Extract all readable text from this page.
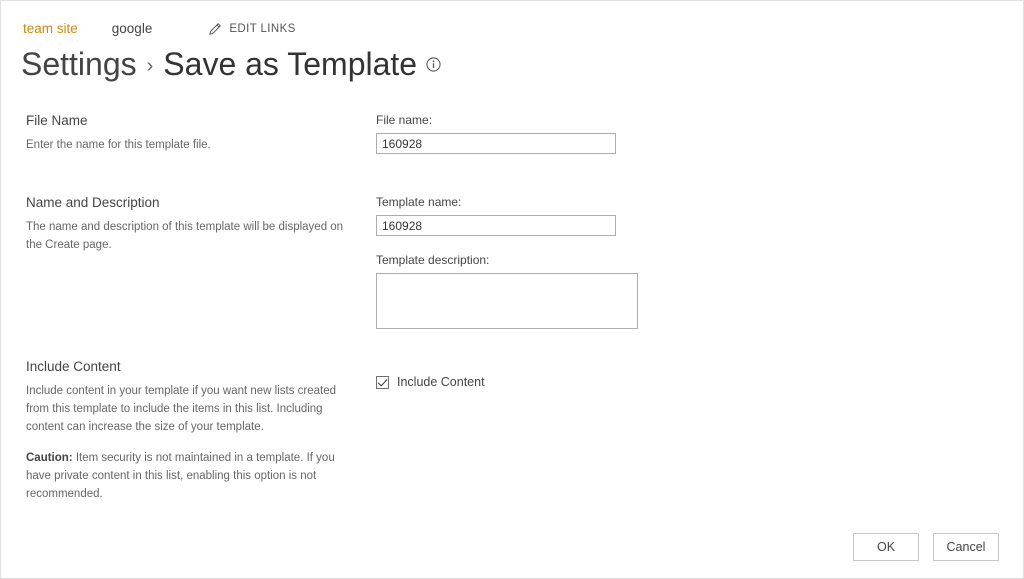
team site	google	EDIT LINKS
Settings › Save as Template
File Name
Enter the name for this template file.
File name:
160928
Name and Description
The name and description of this template will be displayed on the Create page.
Template name:
160928
Template description:
Include Content
Include content in your template if you want new lists created from this template to include the items in this list. Including content can increase the size of your template.
Caution: Item security is not maintained in a template. If you have private content in this list, enabling this option is not recommended.
Include Content
OK	Cancel
